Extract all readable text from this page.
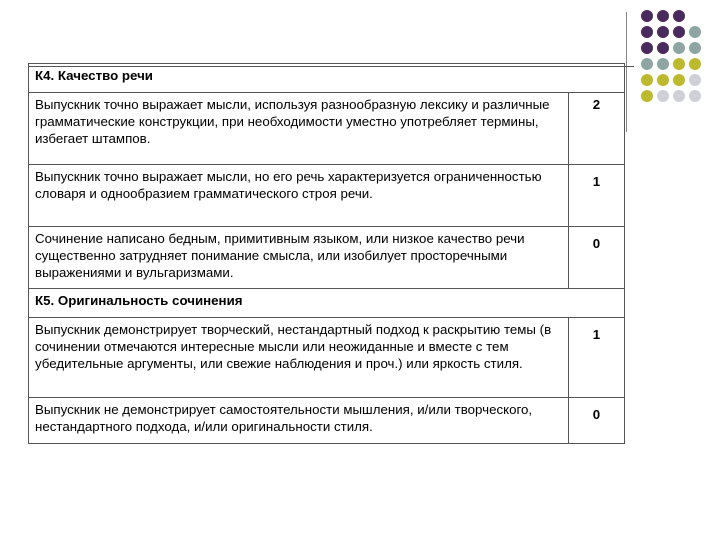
К4. Качество речи	
Выпускник точно выражает мысли, используя разнообразную лексику и различные грамматические конструкции, при необходимости уместно употребляет термины, избегает штампов.	2
Выпускник точно выражает мысли, но его речь характеризуется ограниченностью словаря и однообразием грамматического строя речи.	1
Сочинение написано бедным, примитивным языком, или низкое качество речи существенно затрудняет понимание смысла, или изобилует просторечными выражениями и вульгаризмами.	0
К5. Оригинальность сочинения	
Выпускник демонстрирует творческий, нестандартный подход к раскрытию темы (в сочинении отмечаются интересные мысли или неожиданные и вместе с тем убедительные аргументы, или свежие наблюдения и проч.) или яркость стиля.	1
Выпускник не демонстрирует самостоятельности мышления, и/или творческого, нестандартного подхода, и/или оригинальности стиля.	0
